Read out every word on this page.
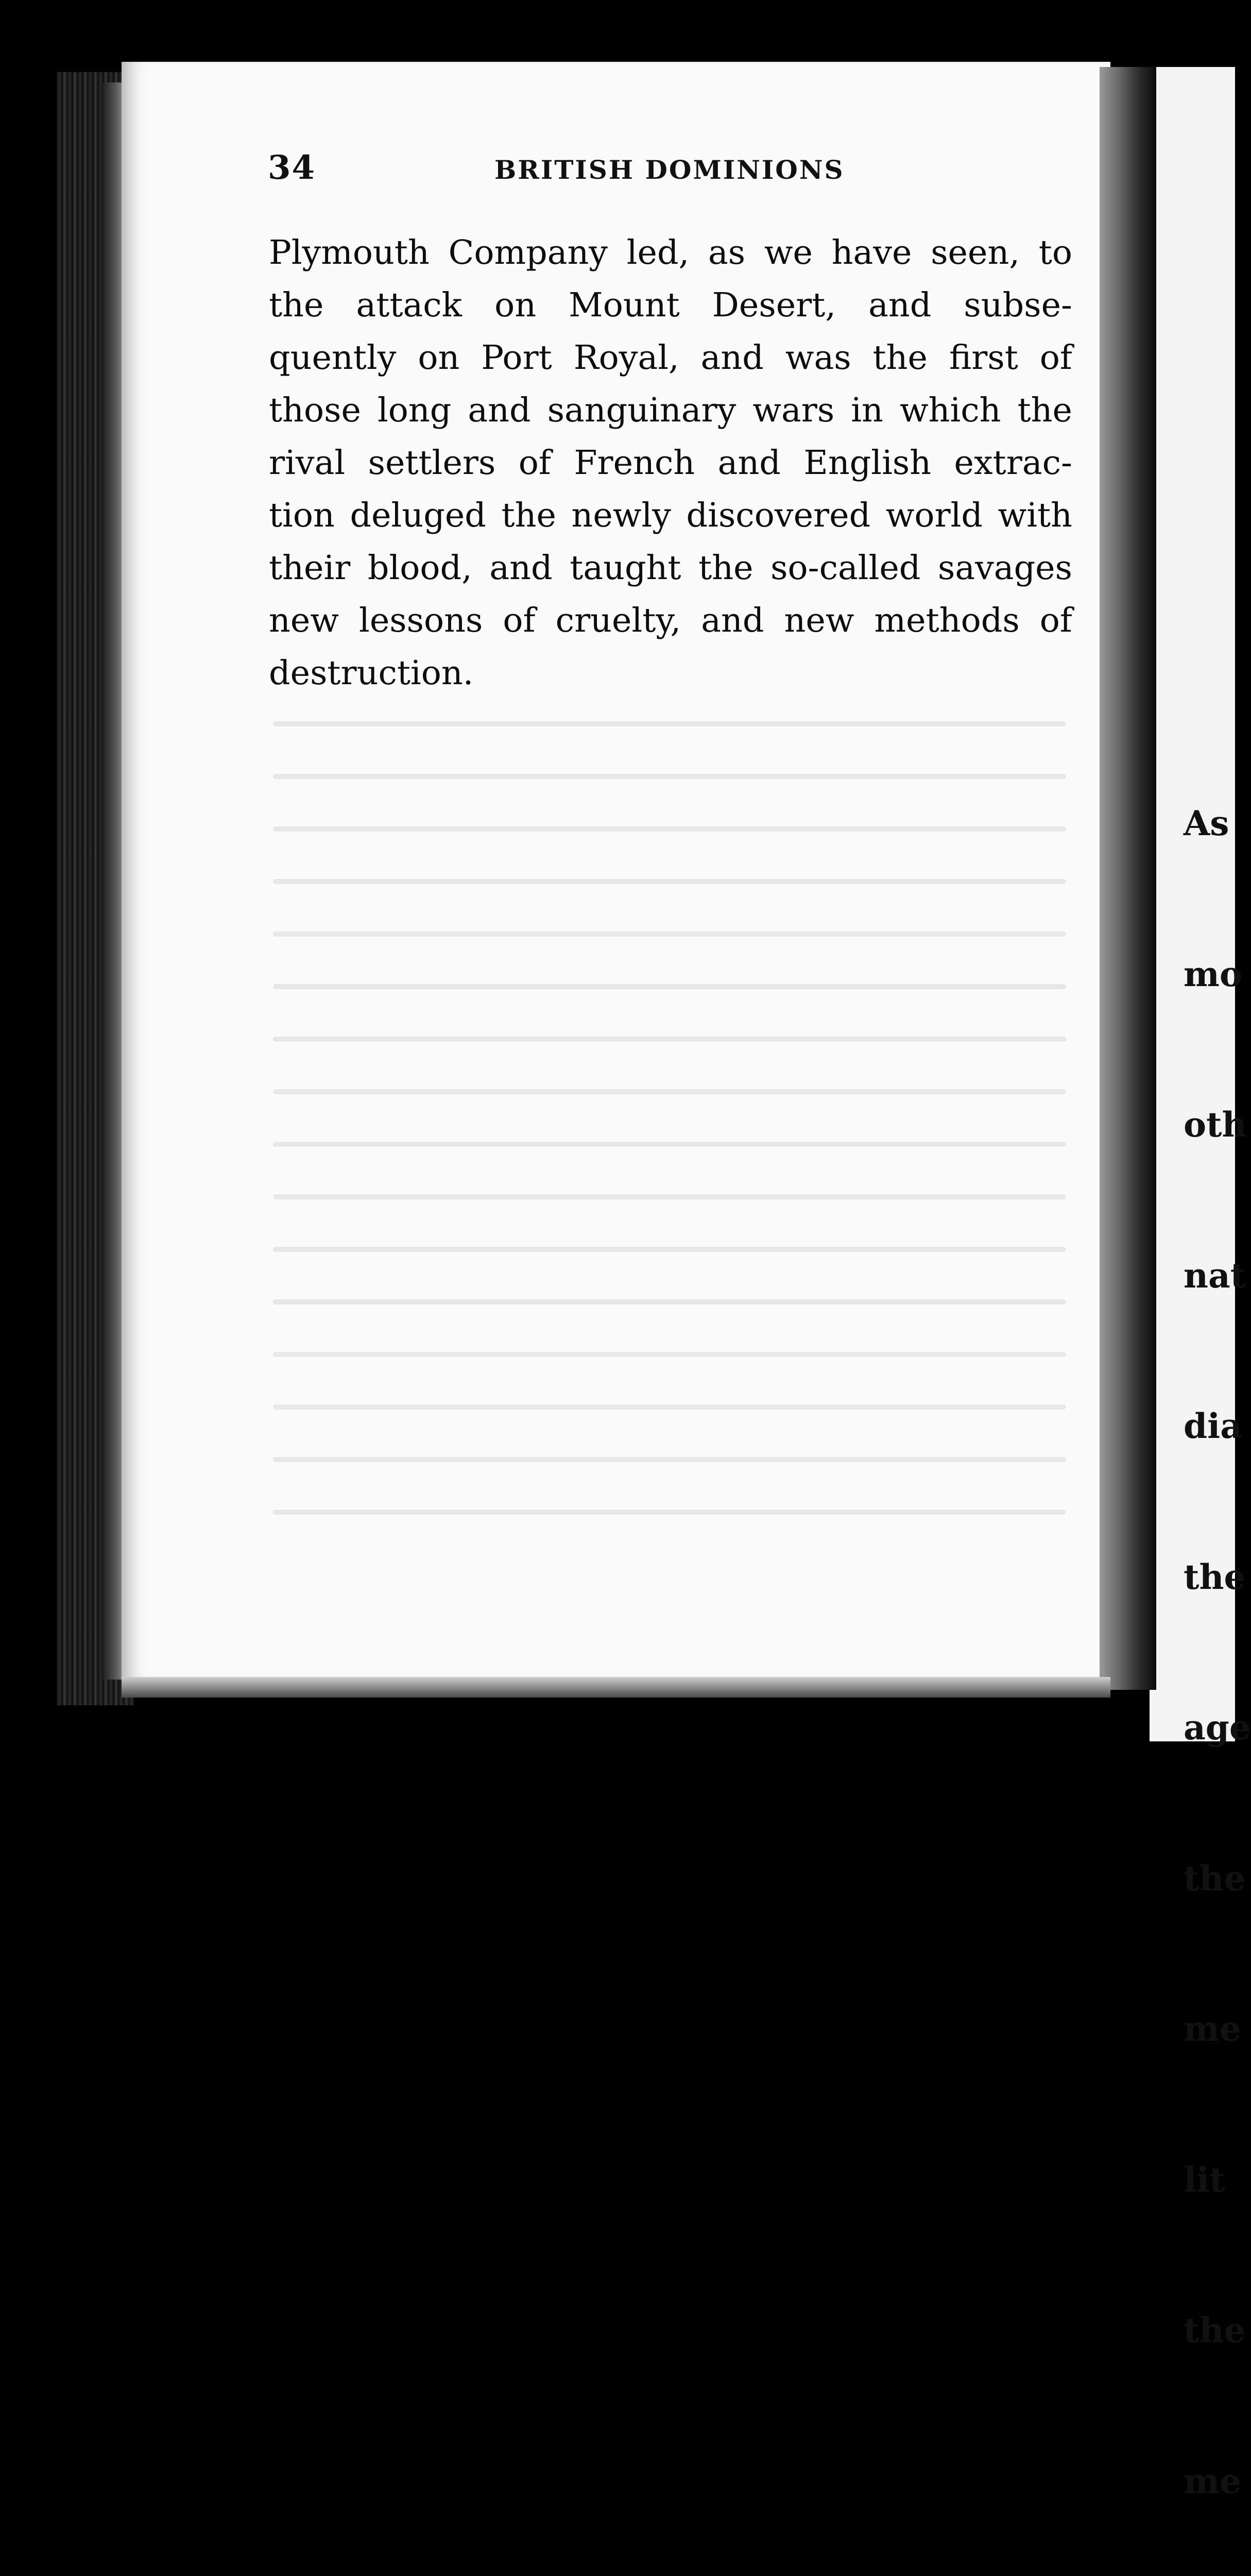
34	BRITISH DOMINIONS
Plymouth Company led, as we have seen, to
the attack on Mount Desert, and subse-
quently on Port Royal, and was the first of
those long and sanguinary wars in which the
rival settlers of French and English extrac-
tion deluged the newly discovered world with
their blood, and taught the so-called savages
new lessons of cruelty, and new methods of
destruction.

As

mo

oth

nat

dia

the

age

the

me

lit

the

me
